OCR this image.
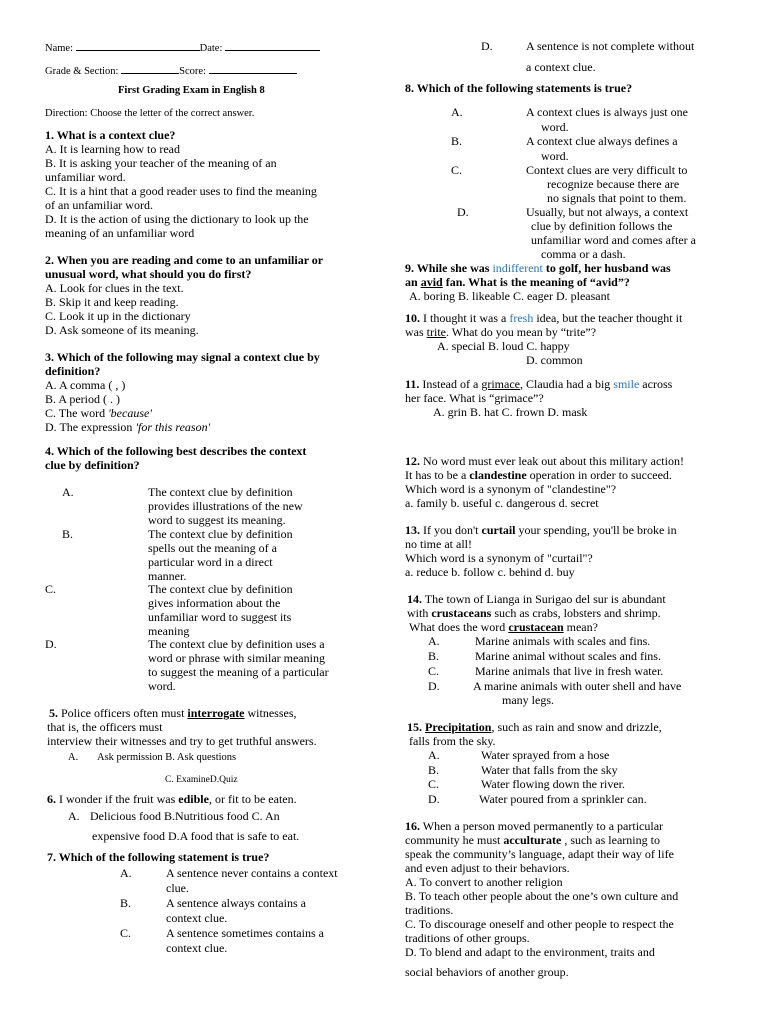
Name:	Date:
Grade & Section:	Score:
First Grading Exam in English 8
Direction: Choose the letter of the correct answer.
1. What is a context clue?
A. It is learning how to read
B. It is asking your teacher of the meaning of an
unfamiliar word.
C. It is a hint that a good reader uses to find the meaning
of an unfamiliar word.
D. It is the action of using the dictionary to look up the
meaning of an unfamiliar word
2. When you are reading and come to an unfamiliar or
unusual word, what should you do first?
A. Look for clues in the text.
B. Skip it and keep reading.
C. Look it up in the dictionary
D. Ask someone of its meaning.
3. Which of the following may signal a context clue by
definition?
A. A comma ( , )
B. A period ( . )
C. The word 'because'
D. The expression 'for this reason'
4. Which of the following best describes the context
clue by definition?
A.	The context clue by definition
provides illustrations of the new
word to suggest its meaning.
B.	The context clue by definition
spells out the meaning of a
particular word in a direct
manner.
C.	The context clue by definition
gives information about the
unfamiliar word to suggest its
meaning
D.	The context clue by definition uses a
word or phrase with similar meaning
to suggest the meaning of a particular
word.
5. Police officers often must interrogate witnesses,
that is, the officers must
interview their witnesses and try to get truthful answers.
A. Ask permission B. Ask questions
C. ExamineD.Quiz
6. I wonder if the fruit was edible, or fit to be eaten.
A. Delicious food B.Nutritious food C. An
expensive food D.A food that is safe to eat.
7. Which of the following statement is true?
A.	A sentence never contains a context
clue.
B.	A sentence always contains a
context clue.
C.	A sentence sometimes contains a
context clue.
D.	A sentence is not complete without
a context clue.
8. Which of the following statements is true?
A.	A context clues is always just one
word.
B.	A context clue always defines a
word.
C.	Context clues are very difficult to
recognize because there are
no signals that point to them.
D.	Usually, but not always, a context
clue by definition follows the
unfamiliar word and comes after a
comma or a dash.
9. While she was indifferent to golf, her husband was
an avid fan. What is the meaning of “avid”?
A. boring B. likeable C. eager D. pleasant
10. I thought it was a fresh idea, but the teacher thought it
was trite. What do you mean by “trite”?
A. special B. loud C. happy
D. common
11. Instead of a grimace, Claudia had a big smile across
her face. What is “grimace”?
A. grin B. hat C. frown D. mask
12. No word must ever leak out about this military action!
It has to be a clandestine operation in order to succeed.
Which word is a synonym of "clandestine"?
a. family b. useful c. dangerous d. secret
13. If you don't curtail your spending, you'll be broke in
no time at all!
Which word is a synonym of "curtail"?
a. reduce b. follow c. behind d. buy
14. The town of Lianga in Surigao del sur is abundant
with crustaceans such as crabs, lobsters and shrimp.
What does the word crustacean mean?
A.	Marine animals with scales and fins.
B.	Marine animal without scales and fins.
C.	Marine animals that live in fresh water.
D.	A marine animals with outer shell and have
many legs.
15. Precipitation, such as rain and snow and drizzle,
falls from the sky.
A.	Water sprayed from a hose
B.	Water that falls from the sky
C.	Water flowing down the river.
D.	Water poured from a sprinkler can.
16. When a person moved permanently to a particular
community he must acculturate , such as learning to
speak the community’s language, adapt their way of life
and even adjust to their behaviors.
A. To convert to another religion
B. To teach other people about the one’s own culture and
traditions.
C. To discourage oneself and other people to respect the
traditions of other groups.
D. To blend and adapt to the environment, traits and
social behaviors of another group.
